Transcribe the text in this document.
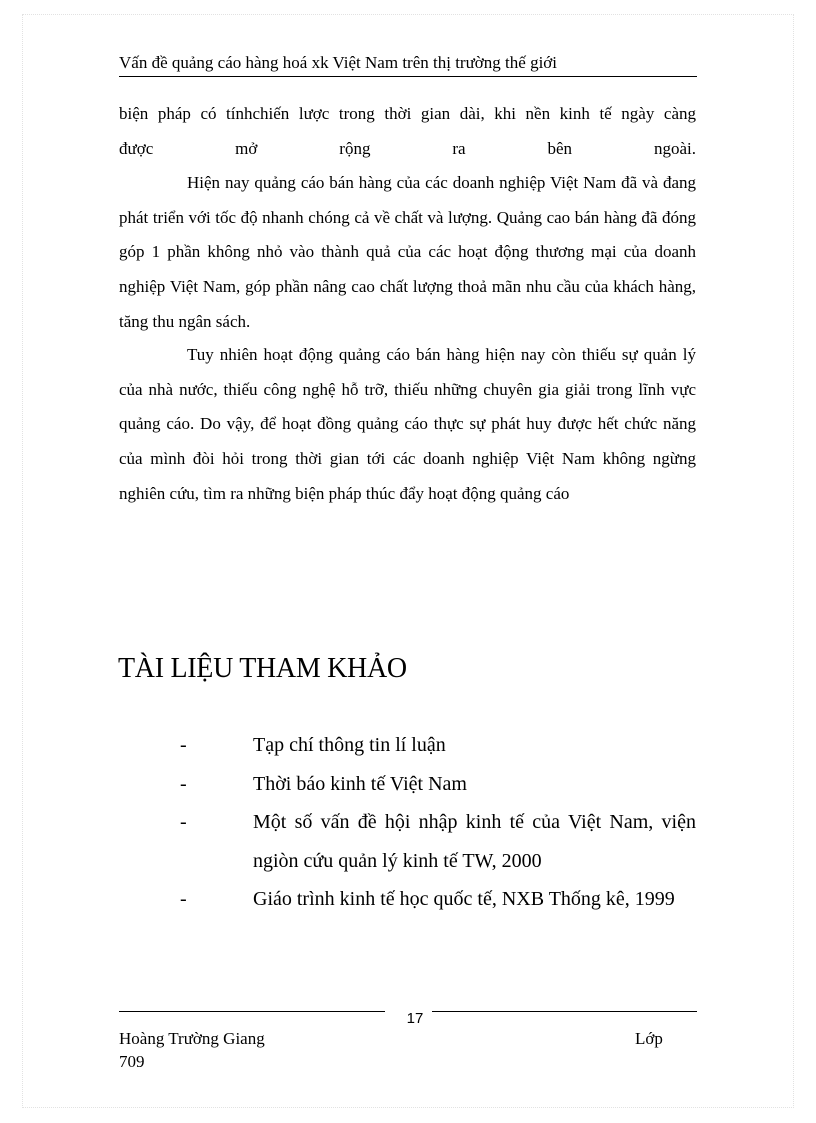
Vấn đề quảng cáo hàng hoá xk Việt Nam trên thị trường thế giới

biện pháp có tínhchiến lược trong thời gian dài, khi nền kinh tế ngày càng
được mở rộng ra bên ngoài.

Hiện nay quảng cáo bán hàng của các doanh nghiệp Việt Nam đã và đang phát triển với tốc độ nhanh chóng cả về chất và lượng. Quảng cao bán hàng đã đóng góp 1 phần không nhỏ vào thành quả của các hoạt động thương mại của doanh nghiệp Việt Nam, góp phần nâng cao chất lượng thoả mãn nhu cầu của khách hàng, tăng thu ngân sách.

Tuy nhiên hoạt động quảng cáo bán hàng hiện nay còn thiếu sự quản lý của nhà nước, thiếu công nghệ hỗ trỡ, thiếu những chuyên gia giải trong lĩnh vực quảng cáo. Do vậy, để hoạt đồng quảng cáo thực sự phát huy được hết chức năng của mình đòi hỏi trong thời gian tới các doanh nghiệp Việt Nam không ngừng nghiên cứu, tìm ra những biện pháp thúc đẩy hoạt động quảng cáo

TÀI LIỆU THAM KHẢO
-	Tạp chí thông tin lí luận
-	Thời báo kinh tế Việt Nam
-	Một số vấn đề hội nhập kinh tế của Việt Nam, viện ngiòn cứu quản lý kinh tế TW, 2000
-	Giáo trình kinh tế học quốc tế, NXB Thống kê, 1999
17
Hoàng Trường Giang	Lớp
709
